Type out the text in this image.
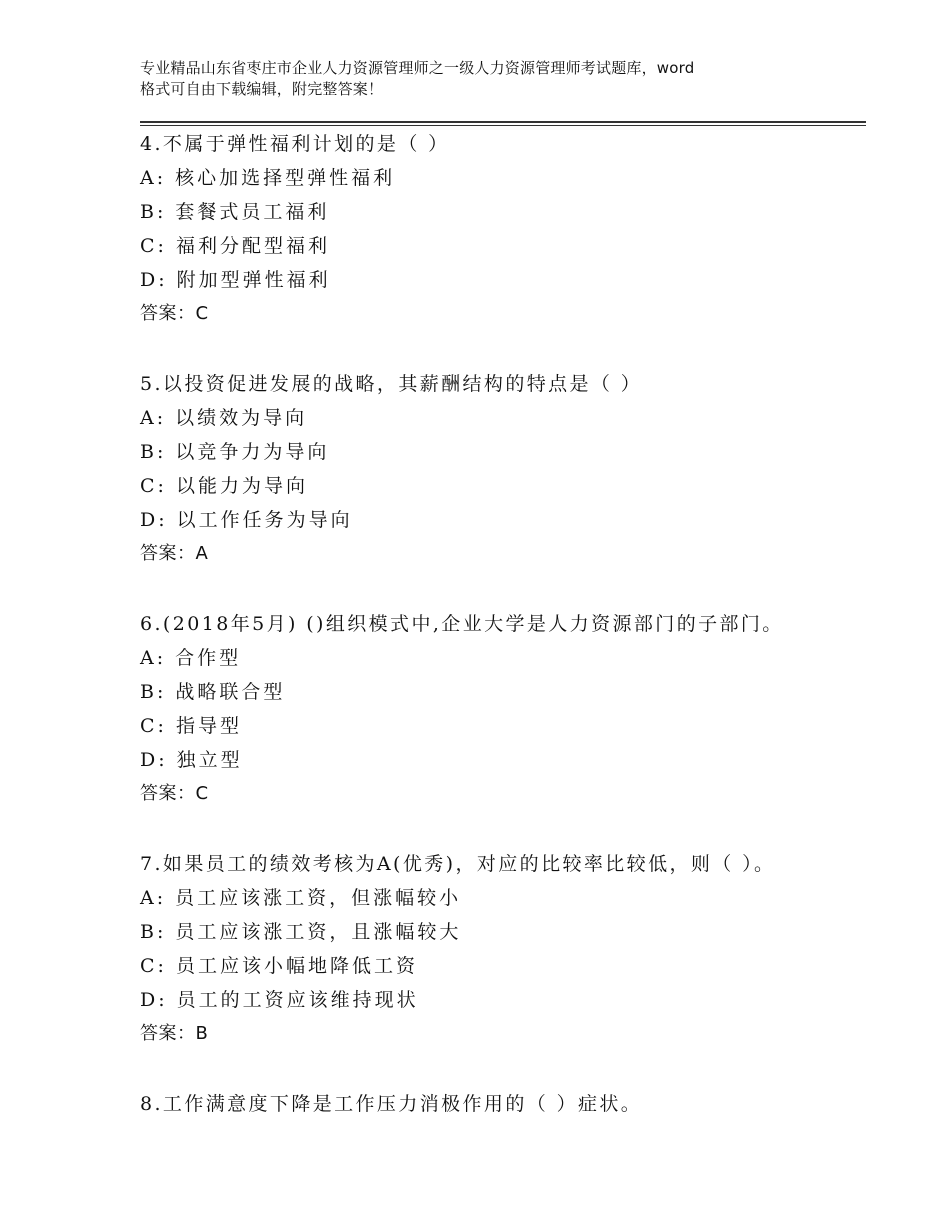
专业精品山东省枣庄市企业人力资源管理师之一级人力资源管理师考试题库，word
格式可自由下载编辑，附完整答案！
4.不属于弹性福利计划的是（ ）
A: 核心加选择型弹性福利
B: 套餐式员工福利
C: 福利分配型福利
D: 附加型弹性福利
答案：C
5.以投资促进发展的战略，其薪酬结构的特点是（ ）
A: 以绩效为导向
B: 以竞争力为导向
C: 以能力为导向
D: 以工作任务为导向
答案：A
6.(2018年5月) ()组织模式中,企业大学是人力资源部门的子部门。
A: 合作型
B: 战略联合型
C: 指导型
D: 独立型
答案：C
7.如果员工的绩效考核为A(优秀)，对应的比较率比较低，则（ ）。
A: 员工应该涨工资，但涨幅较小
B: 员工应该涨工资，且涨幅较大
C: 员工应该小幅地降低工资
D: 员工的工资应该维持现状
答案：B
8.工作满意度下降是工作压力消极作用的（ ）症状。
